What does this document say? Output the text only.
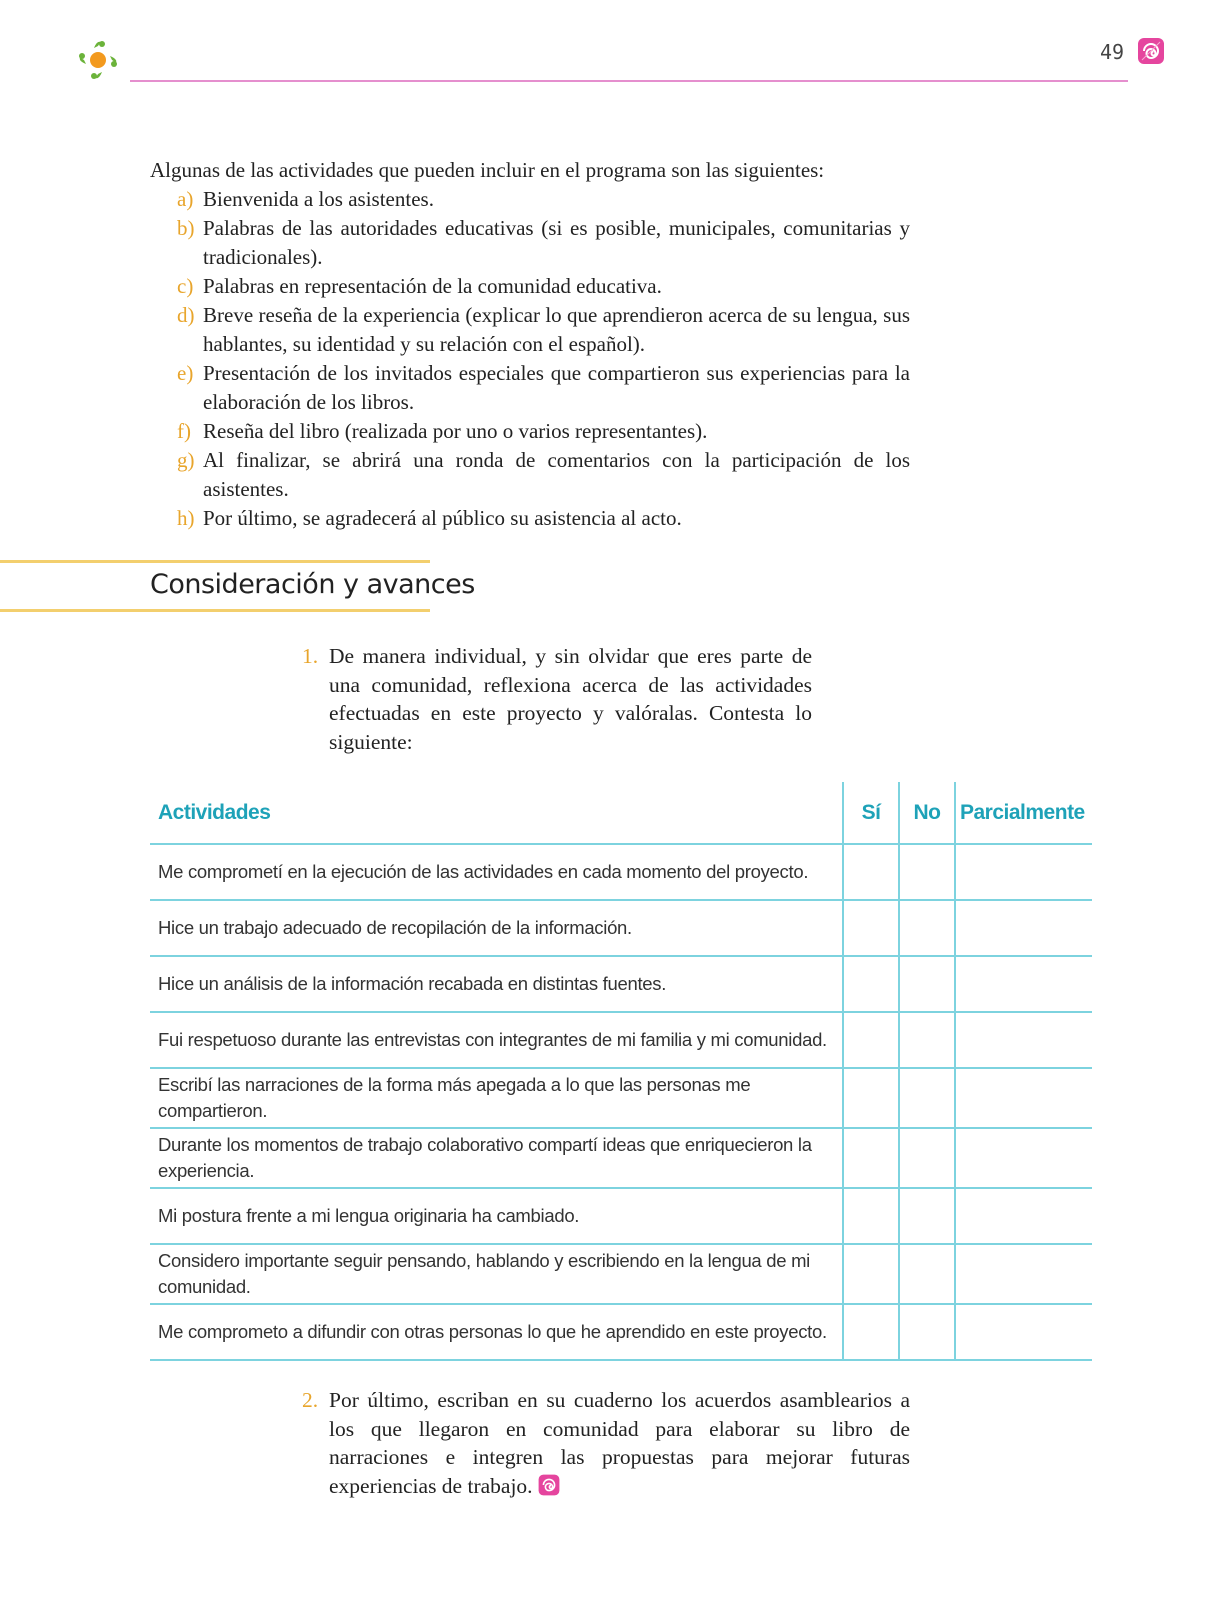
49

Algunas de las actividades que pueden incluir en el programa son las siguientes:

a) Bienvenida a los asistentes.
b) Palabras de las autoridades educativas (si es posible, municipales, comunitarias y tradicionales).
c) Palabras en representación de la comunidad educativa.
d) Breve reseña de la experiencia (explicar lo que aprendieron acerca de su lengua, sus hablantes, su identidad y su relación con el español).
e) Presentación de los invitados especiales que compartieron sus experiencias para la elaboración de los libros.
f) Reseña del libro (realizada por uno o varios representantes).
g) Al finalizar, se abrirá una ronda de comentarios con la participación de los asistentes.
h) Por último, se agradecerá al público su asistencia al acto.
Consideración y avances
1. De manera individual, y sin olvidar que eres parte de una comunidad, reflexiona acerca de las actividades efectuadas en este proyecto y valóralas. Contesta lo siguiente:
Actividades	Sí	No	Parcialmente
Me comprometí en la ejecución de las actividades en cada momento del proyecto.			
Hice un trabajo adecuado de recopilación de la información.			
Hice un análisis de la información recabada en distintas fuentes.			
Fui respetuoso durante las entrevistas con integrantes de mi familia y mi comunidad.			
Escribí las narraciones de la forma más apegada a lo que las personas me compartieron.			
Durante los momentos de trabajo colaborativo compartí ideas que enriquecieron la experiencia.			
Mi postura frente a mi lengua originaria ha cambiado.			
Considero importante seguir pensando, hablando y escribiendo en la lengua de mi comunidad.			
Me comprometo a difundir con otras personas lo que he aprendido en este proyecto.			
2. Por último, escriban en su cuaderno los acuerdos asamblearios a los que llegaron en comunidad para elaborar su libro de narraciones e integren las propuestas para mejorar futuras experiencias de trabajo.
